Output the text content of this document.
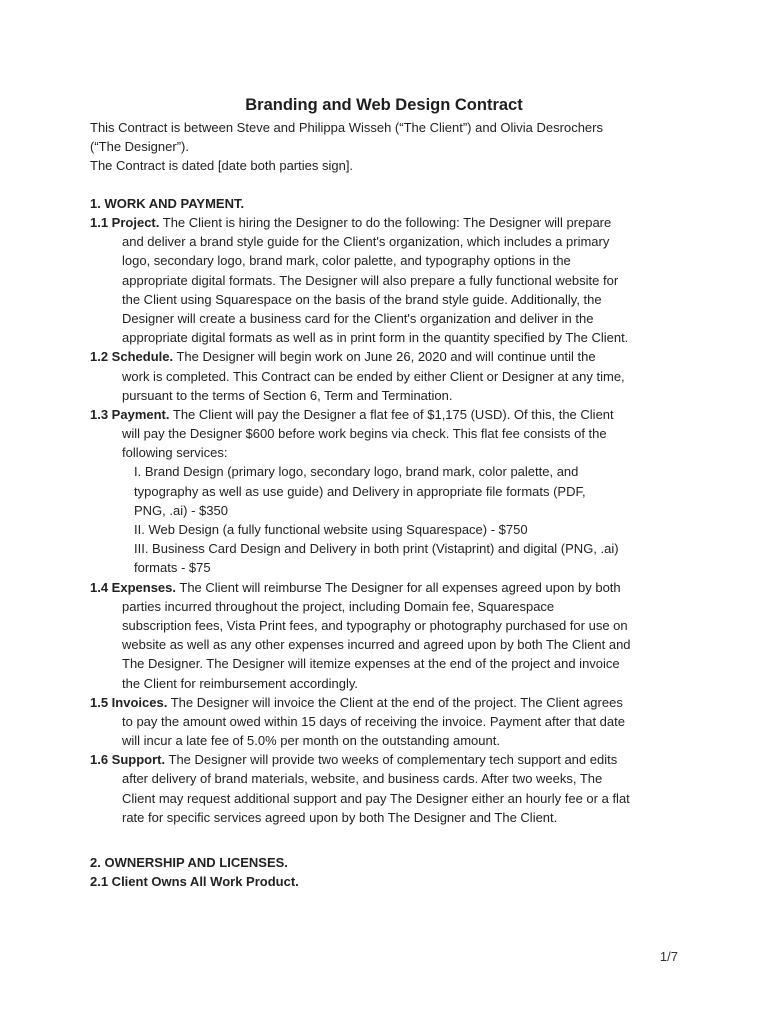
Branding and Web Design Contract
This Contract is between Steve and Philippa Wisseh (“The Client”) and Olivia Desrochers
(“The Designer”).
The Contract is dated [date both parties sign].
1. WORK AND PAYMENT.
1.1 Project. The Client is hiring the Designer to do the following: The Designer will prepare
and deliver a brand style guide for the Client's organization, which includes a primary
logo, secondary logo, brand mark, color palette, and typography options in the
appropriate digital formats. The Designer will also prepare a fully functional website for
the Client using Squarespace on the basis of the brand style guide. Additionally, the
Designer will create a business card for the Client's organization and deliver in the
appropriate digital formats as well as in print form in the quantity specified by The Client.
1.2 Schedule. The Designer will begin work on June 26, 2020 and will continue until the
work is completed. This Contract can be ended by either Client or Designer at any time,
pursuant to the terms of Section 6, Term and Termination.
1.3 Payment. The Client will pay the Designer a flat fee of $1,175 (USD). Of this, the Client
will pay the Designer $600 before work begins via check. This flat fee consists of the
following services:
I. Brand Design (primary logo, secondary logo, brand mark, color palette, and
typography as well as use guide) and Delivery in appropriate file formats (PDF,
PNG, .ai) - $350
II. Web Design (a fully functional website using Squarespace) - $750
III. Business Card Design and Delivery in both print (Vistaprint) and digital (PNG, .ai)
formats - $75
1.4 Expenses. The Client will reimburse The Designer for all expenses agreed upon by both
parties incurred throughout the project, including Domain fee, Squarespace
subscription fees, Vista Print fees, and typography or photography purchased for use on
website as well as any other expenses incurred and agreed upon by both The Client and
The Designer. The Designer will itemize expenses at the end of the project and invoice
the Client for reimbursement accordingly.
1.5 Invoices. The Designer will invoice the Client at the end of the project. The Client agrees
to pay the amount owed within 15 days of receiving the invoice. Payment after that date
will incur a late fee of 5.0% per month on the outstanding amount.
1.6 Support. The Designer will provide two weeks of complementary tech support and edits
after delivery of brand materials, website, and business cards. After two weeks, The
Client may request additional support and pay The Designer either an hourly fee or a flat
rate for specific services agreed upon by both The Designer and The Client.
2. OWNERSHIP AND LICENSES.
2.1 Client Owns All Work Product.
1/7
